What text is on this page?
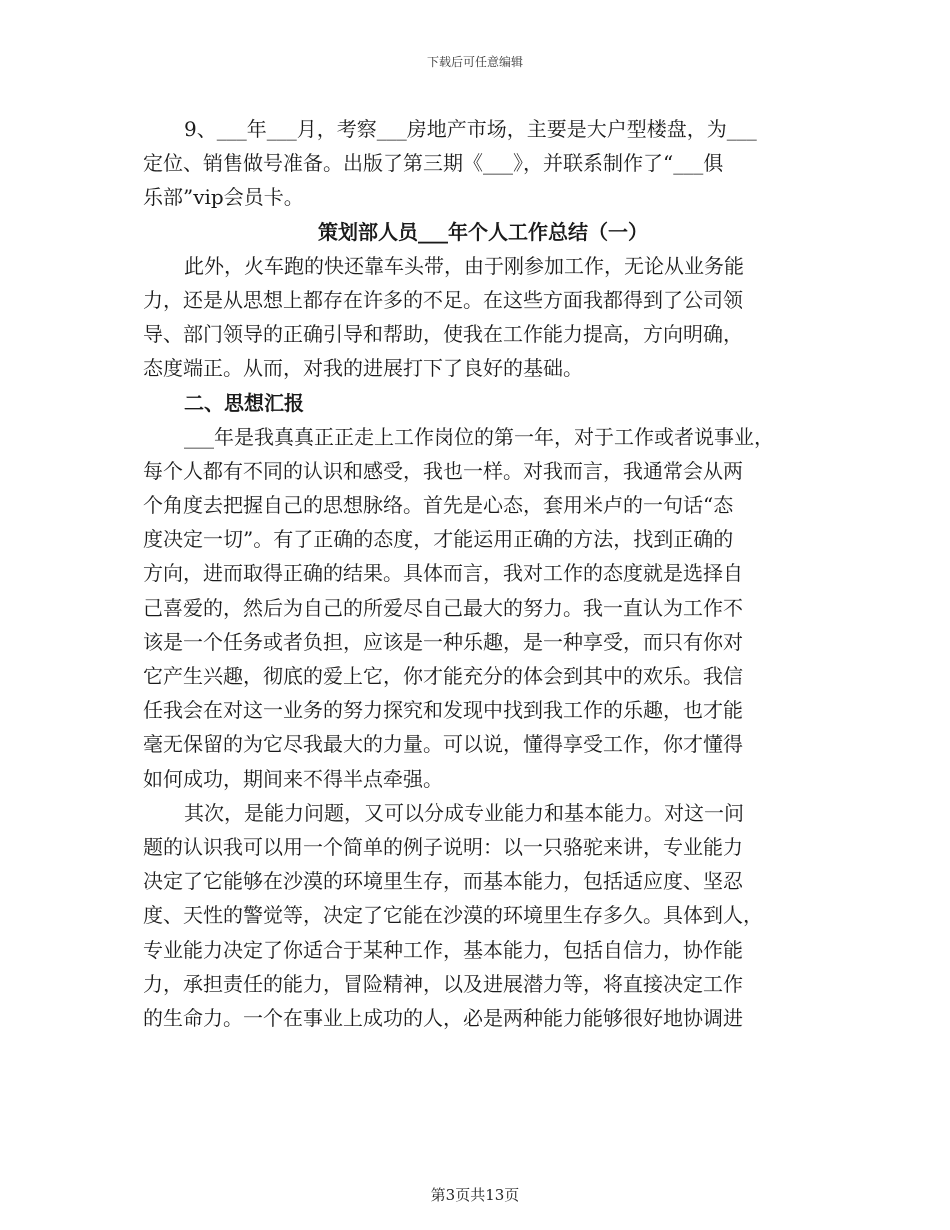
下载后可任意编辑
9、___年___月，考察___房地产市场，主要是大户型楼盘，为___
定位、销售做号准备。出版了第三期《___》，并联系制作了“___俱
乐部”vip会员卡。
策划部人员___年个人工作总结（一）
此外，火车跑的快还靠车头带，由于刚参加工作，无论从业务能
力，还是从思想上都存在许多的不足。在这些方面我都得到了公司领
导、部门领导的正确引导和帮助，使我在工作能力提高，方向明确，
态度端正。从而，对我的进展打下了良好的基础。
二、思想汇报
___年是我真真正正走上工作岗位的第一年，对于工作或者说事业，
每个人都有不同的认识和感受，我也一样。对我而言，我通常会从两
个角度去把握自己的思想脉络。首先是心态，套用米卢的一句话“态
度决定一切”。有了正确的态度，才能运用正确的方法，找到正确的
方向，进而取得正确的结果。具体而言，我对工作的态度就是选择自
己喜爱的，然后为自己的所爱尽自己最大的努力。我一直认为工作不
该是一个任务或者负担，应该是一种乐趣，是一种享受，而只有你对
它产生兴趣，彻底的爱上它，你才能充分的体会到其中的欢乐。我信
任我会在对这一业务的努力探究和发现中找到我工作的乐趣，也才能
毫无保留的为它尽我最大的力量。可以说，懂得享受工作，你才懂得
如何成功，期间来不得半点牵强。
其次，是能力问题，又可以分成专业能力和基本能力。对这一问
题的认识我可以用一个简单的例子说明：以一只骆驼来讲，专业能力
决定了它能够在沙漠的环境里生存，而基本能力，包括适应度、坚忍
度、天性的警觉等，决定了它能在沙漠的环境里生存多久。具体到人，
专业能力决定了你适合于某种工作，基本能力，包括自信力，协作能
力，承担责任的能力，冒险精神，以及进展潜力等，将直接决定工作
的生命力。一个在事业上成功的人，必是两种能力能够很好地协调进
第3页共13页
